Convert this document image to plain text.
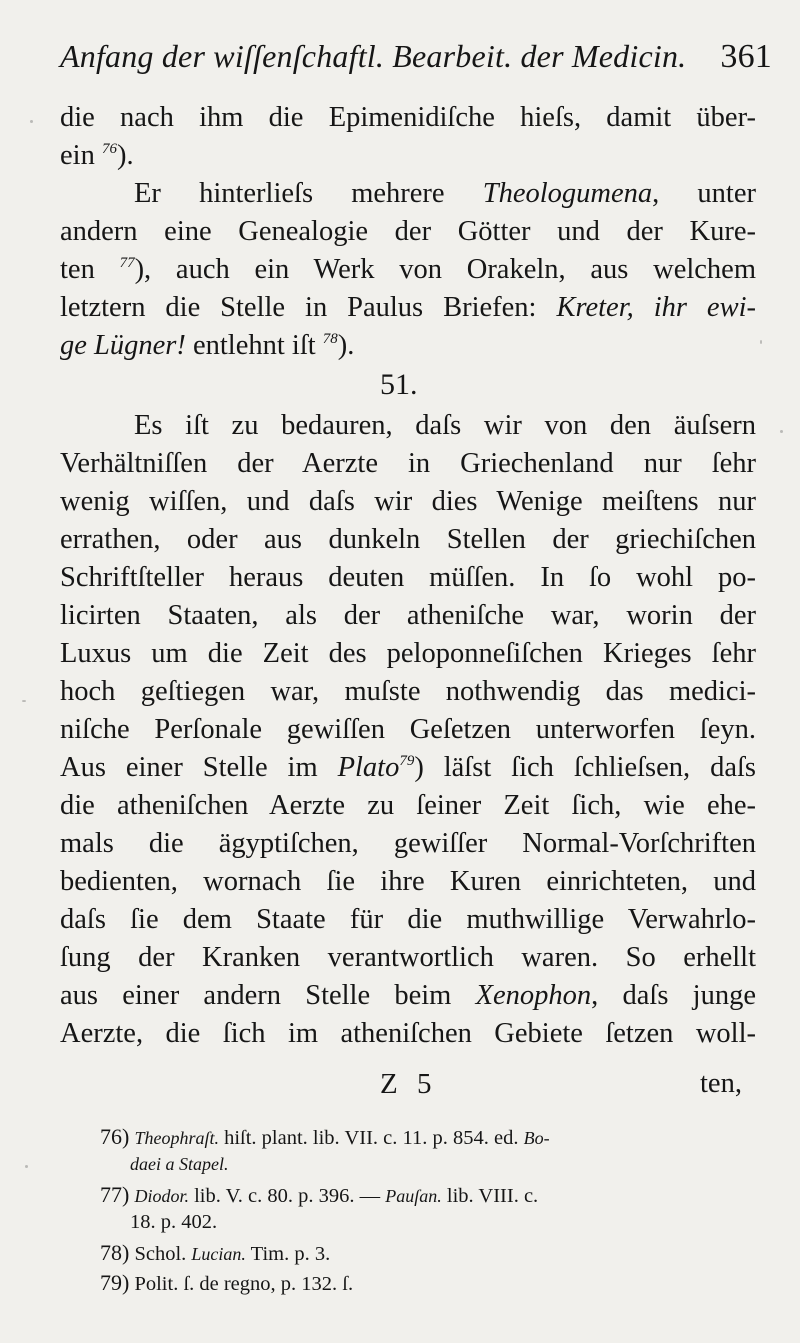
Anfang der wiſſenſchaftl. Bearbeit. der Medicin. 361
die nach ihm die Epimenidiſche hieſs, damit über-
ein $^{76}$).
Er hinterlieſs mehrere Theologumena, unter
andern eine Genealogie der Götter und der Kure-
ten $^{77}$), auch ein Werk von Orakeln, aus welchem
letztern die Stelle in Paulus Briefen: Kreter, ihr ewi-
ge Lügner! entlehnt iſt $^{78}$).
51.
Es iſt zu bedauren, daſs wir von den äuſsern
Verhältniſſen der Aerzte in Griechenland nur ſehr
wenig wiſſen, und daſs wir dies Wenige meiſtens nur
errathen, oder aus dunkeln Stellen der griechiſchen
Schriftſteller heraus deuten müſſen. In ſo wohl po-
licirten Staaten, als der atheniſche war, worin der
Luxus um die Zeit des peloponneſiſchen Krieges ſehr
hoch geſtiegen war, muſste nothwendig das medici-
niſche Perſonale gewiſſen Geſetzen unterworfen ſeyn.
Aus einer Stelle im Plato$^{79}$) läſst ſich ſchlieſsen, daſs
die atheniſchen Aerzte zu ſeiner Zeit ſich, wie ehe-
mals die ägyptiſchen, gewiſſer Normal-Vorſchriften
bedienten, wornach ſie ihre Kuren einrichteten, und
daſs ſie dem Staate für die muthwillige Verwahrlo-
ſung der Kranken verantwortlich waren. So erhellt
aus einer andern Stelle beim Xenophon, daſs junge
Aerzte, die ſich im atheniſchen Gebiete ſetzen woll-
Z 5	ten,
76) Theophraſt. hiſt. plant. lib. VII. c. 11. p. 854. ed. Bo-
daei a Stapel.
77) Diodor. lib. V. c. 80. p. 396. — Pauſan. lib. VIII. c.
18. p. 402.
78) Schol. Lucian. Tim. p. 3.
79) Polit. ſ. de regno, p. 132. ſ.
